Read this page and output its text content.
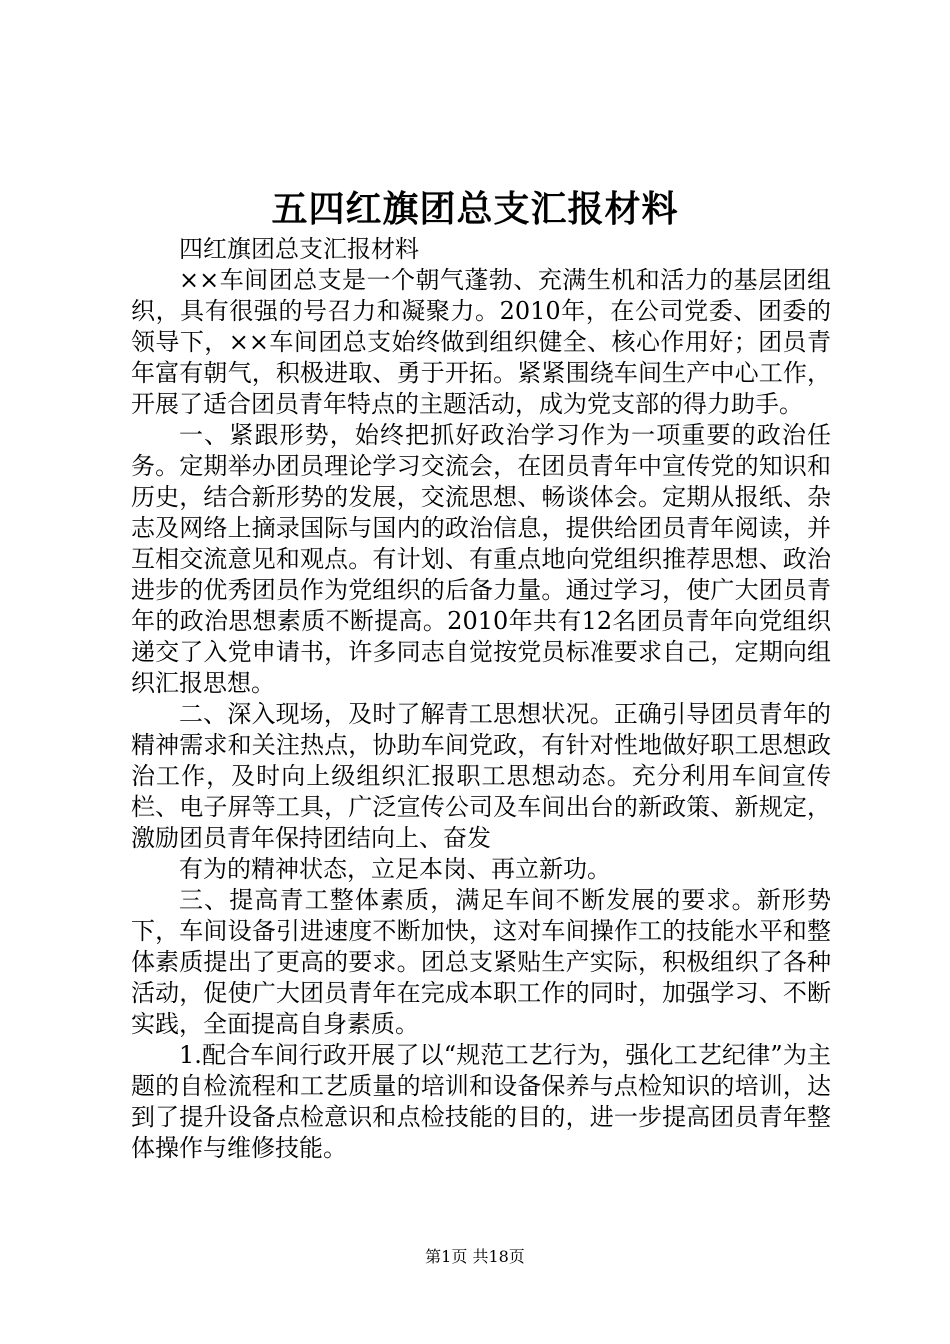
五四红旗团总支汇报材料

四红旗团总支汇报材料

××车间团总支是一个朝气蓬勃、充满生机和活力的基层团组织，具有很强的号召力和凝聚力。2010年，在公司党委、团委的领导下，××车间团总支始终做到组织健全、核心作用好；团员青年富有朝气，积极进取、勇于开拓。紧紧围绕车间生产中心工作，开展了适合团员青年特点的主题活动，成为党支部的得力助手。

一、紧跟形势，始终把抓好政治学习作为一项重要的政治任务。定期举办团员理论学习交流会，在团员青年中宣传党的知识和历史，结合新形势的发展，交流思想、畅谈体会。定期从报纸、杂志及网络上摘录国际与国内的政治信息，提供给团员青年阅读，并互相交流意见和观点。有计划、有重点地向党组织推荐思想、政治进步的优秀团员作为党组织的后备力量。通过学习，使广大团员青年的政治思想素质不断提高。2010年共有12名团员青年向党组织递交了入党申请书，许多同志自觉按党员标准要求自己，定期向组织汇报思想。

二、深入现场，及时了解青工思想状况。正确引导团员青年的精神需求和关注热点，协助车间党政，有针对性地做好职工思想政治工作，及时向上级组织汇报职工思想动态。充分利用车间宣传栏、电子屏等工具，广泛宣传公司及车间出台的新政策、新规定，激励团员青年保持团结向上、奋发

有为的精神状态，立足本岗、再立新功。

三、提高青工整体素质，满足车间不断发展的要求。新形势下，车间设备引进速度不断加快，这对车间操作工的技能水平和整体素质提出了更高的要求。团总支紧贴生产实际，积极组织了各种活动，促使广大团员青年在完成本职工作的同时，加强学习、不断实践，全面提高自身素质。

1.配合车间行政开展了以“规范工艺行为，强化工艺纪律”为主题的自检流程和工艺质量的培训和设备保养与点检知识的培训，达到了提升设备点检意识和点检技能的目的，进一步提高团员青年整体操作与维修技能。

第1页 共18页
